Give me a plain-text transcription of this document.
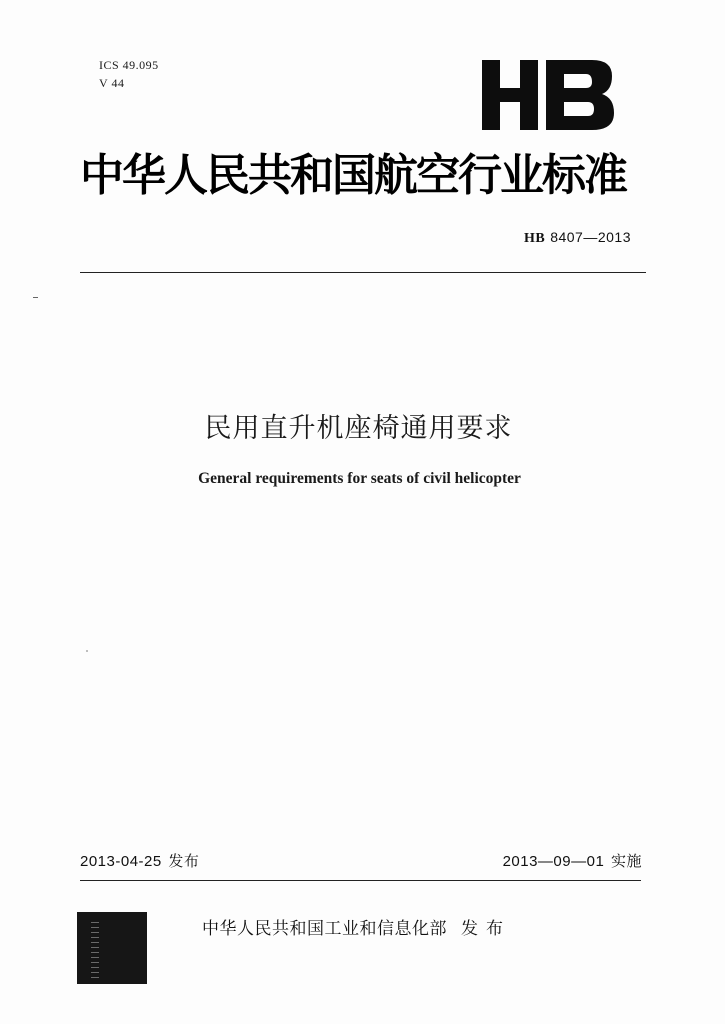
ICS 49.095
V 44
中华人民共和国航空行业标准
HB 8407—2013
民用直升机座椅通用要求
General requirements for seats of civil helicopter
2013-04-25 发布	2013—09—01 实施
中华人民共和国工业和信息化部 发布
